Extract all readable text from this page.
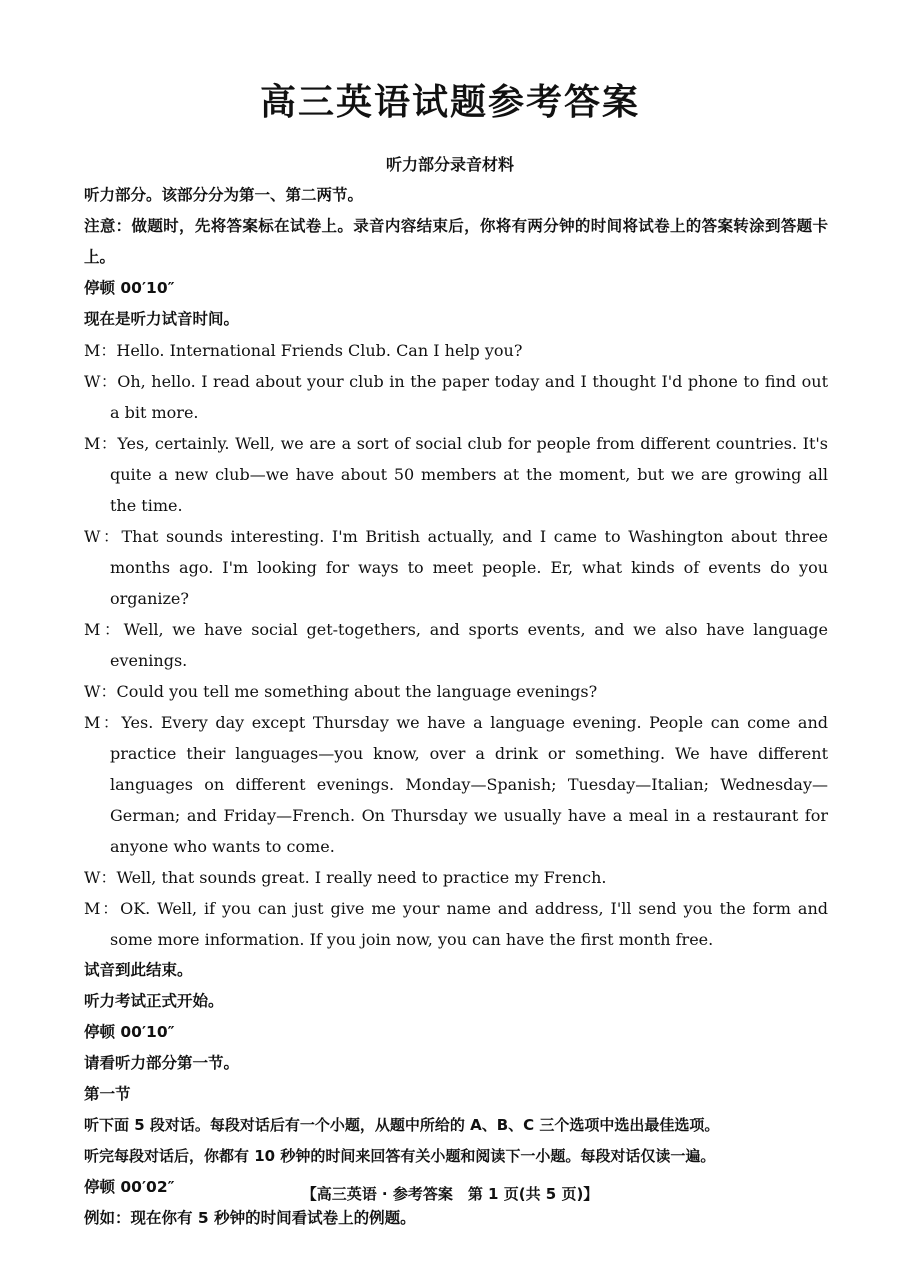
高三英语试题参考答案
听力部分录音材料

听力部分。该部分分为第一、第二两节。

注意：做题时，先将答案标在试卷上。录音内容结束后，你将有两分钟的时间将试卷上的答案转涂到答题卡上。

停顿 00′10″

现在是听力试音时间。

M：Hello. International Friends Club. Can I help you?

W：Oh, hello. I read about your club in the paper today and I thought I'd phone to find out a bit more.

M：Yes, certainly. Well, we are a sort of social club for people from different countries. It's quite a new club—we have about 50 members at the moment, but we are growing all the time.

W：That sounds interesting. I'm British actually, and I came to Washington about three months ago. I'm looking for ways to meet people. Er, what kinds of events do you organize?

M：Well, we have social get-togethers, and sports events, and we also have language evenings.

W：Could you tell me something about the language evenings?

M：Yes. Every day except Thursday we have a language evening. People can come and practice their languages—you know, over a drink or something. We have different languages on different evenings. Monday—Spanish; Tuesday—Italian; Wednesday—German; and Friday—French. On Thursday we usually have a meal in a restaurant for anyone who wants to come.

W：Well, that sounds great. I really need to practice my French.

M：OK. Well, if you can just give me your name and address, I'll send you the form and some more information. If you join now, you can have the first month free.

试音到此结束。

听力考试正式开始。

停顿 00′10″

请看听力部分第一节。

第一节

听下面 5 段对话。每段对话后有一个小题，从题中所给的 A、B、C 三个选项中选出最佳选项。

听完每段对话后，你都有 10 秒钟的时间来回答有关小题和阅读下一小题。每段对话仅读一遍。

停顿 00′02″

例如：现在你有 5 秒钟的时间看试卷上的例题。

【高三英语 · 参考答案　第 1 页(共 5 页)】
